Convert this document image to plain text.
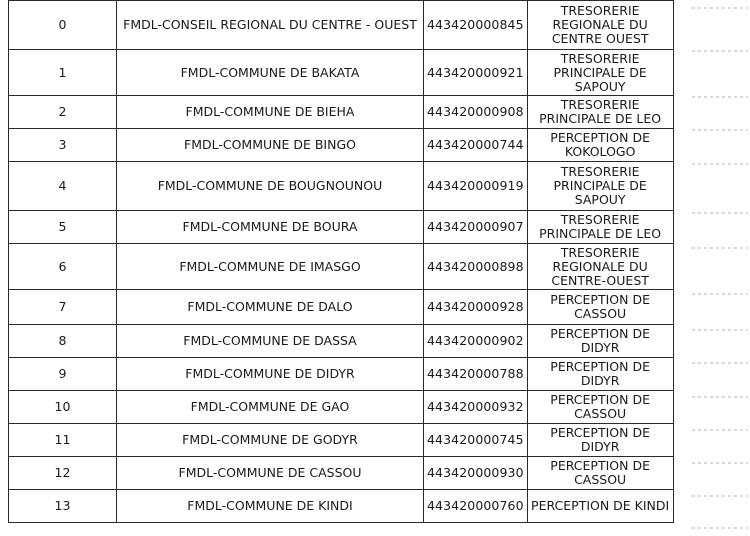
0	FMDL-CONSEIL REGIONAL DU CENTRE - OUEST	443420000845	TRESORERIE REGIONALE DU CENTRE OUEST
1	FMDL-COMMUNE DE BAKATA	443420000921	TRESORERIE PRINCIPALE DE SAPOUY
2	FMDL-COMMUNE DE BIEHA	443420000908	TRESORERIE PRINCIPALE DE LEO
3	FMDL-COMMUNE DE BINGO	443420000744	PERCEPTION DE KOKOLOGO
4	FMDL-COMMUNE DE BOUGNOUNOU	443420000919	TRESORERIE PRINCIPALE DE SAPOUY
5	FMDL-COMMUNE DE BOURA	443420000907	TRESORERIE PRINCIPALE DE LEO
6	FMDL-COMMUNE DE IMASGO	443420000898	TRESORERIE REGIONALE DU CENTRE-OUEST
7	FMDL-COMMUNE DE DALO	443420000928	PERCEPTION DE CASSOU
8	FMDL-COMMUNE DE DASSA	443420000902	PERCEPTION DE DIDYR
9	FMDL-COMMUNE DE DIDYR	443420000788	PERCEPTION DE DIDYR
10	FMDL-COMMUNE DE GAO	443420000932	PERCEPTION DE CASSOU
11	FMDL-COMMUNE DE GODYR	443420000745	PERCEPTION DE DIDYR
12	FMDL-COMMUNE DE CASSOU	443420000930	PERCEPTION DE CASSOU
13	FMDL-COMMUNE DE KINDI	443420000760	PERCEPTION DE KINDI
